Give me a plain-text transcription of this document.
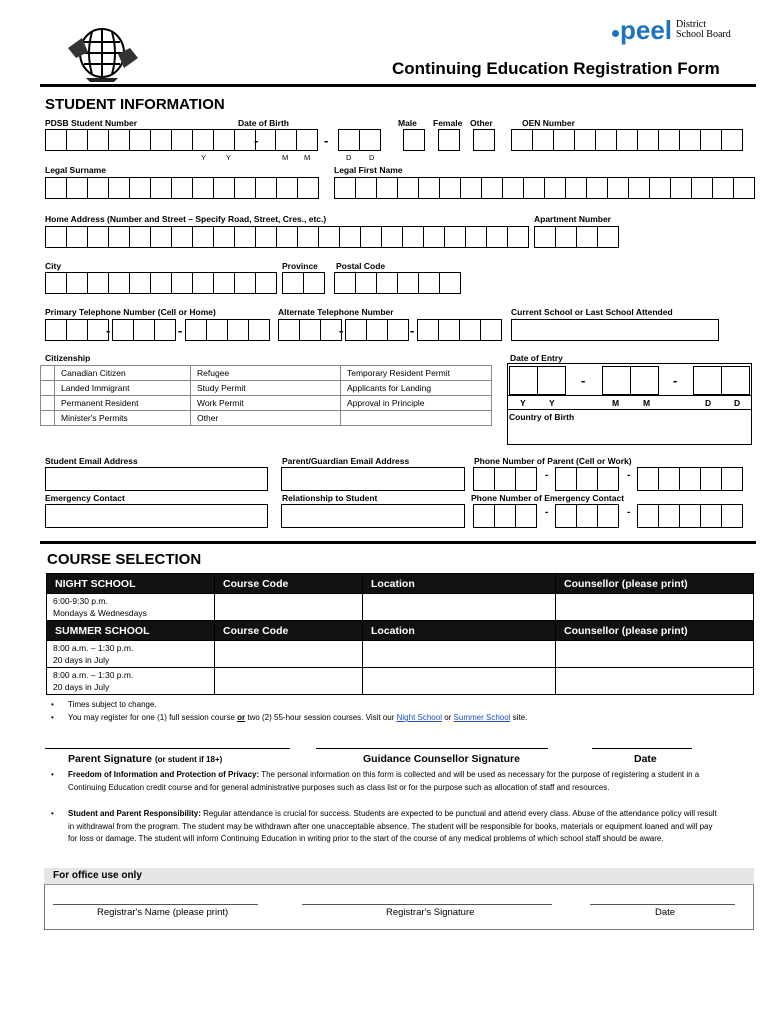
peel District
School Board
Continuing Education Registration Form
STUDENT INFORMATION
PDSB Student Number	Date of Birth	Male Female Other	OEN Number
-	-
Y	Y	M M	D D
Legal Surname	Legal First Name
Home Address (Number and Street – Specify Road, Street, Cres., etc.)	Apartment Number
City	Province Postal Code
Primary Telephone Number (Cell or Home)	Alternate Telephone Number	Current School or Last School Attended
-	-	-	-
Citizenship
	Canadian Citizen	Refugee	Temporary Resident Permit
	Landed Immigrant	Study Permit	Applicants for Landing
	Permanent Resident	Work Permit	Approval in Principle
	Minister's Permits	Other	
Date of Entry
-	-
Y	Y	M	M	D	D
Country of Birth
Student Email Address	Parent/Guardian Email Address	Phone Number of Parent (Cell or Work)
-	-
Emergency Contact	Relationship to Student	Phone Number of Emergency Contact
-	-
COURSE SELECTION
NIGHT SCHOOL	Course Code	Location	Counsellor (please print)
6:00-9:30 p.m.
Mondays & Wednesdays			
SUMMER SCHOOL	Course Code	Location	Counsellor (please print)
8:00 a.m. – 1:30 p.m.
20 days in July			
8:00 a.m. – 1:30 p.m.
20 days in July			
• Times subject to change.
• You may register for one (1) full session course or two (2) 55-hour session courses. Visit our Night School or Summer School site.
Parent Signature (or student if 18+)	Guidance Counsellor Signature	Date
• Freedom of Information and Protection of Privacy: The personal information on this form is collected and will be used as necessary for the purpose of registering a student in a Continuing Education credit course and for general administrative purposes such as class list or for the purpose such as allocation of staff and resources.
• Student and Parent Responsibility: Regular attendance is crucial for success. Students are expected to be punctual and attend every class. Abuse of the attendance policy will result in withdrawal from the program. The student may be withdrawn after one unacceptable absence. The student will be responsible for books, materials or equipment loaned and will pay for loss or damage. The student will inform Continuing Education in writing prior to the start of the course of any medical problems of which school staff should be aware.
For office use only
Registrar's Name (please print)	Registrar's Signature	Date
